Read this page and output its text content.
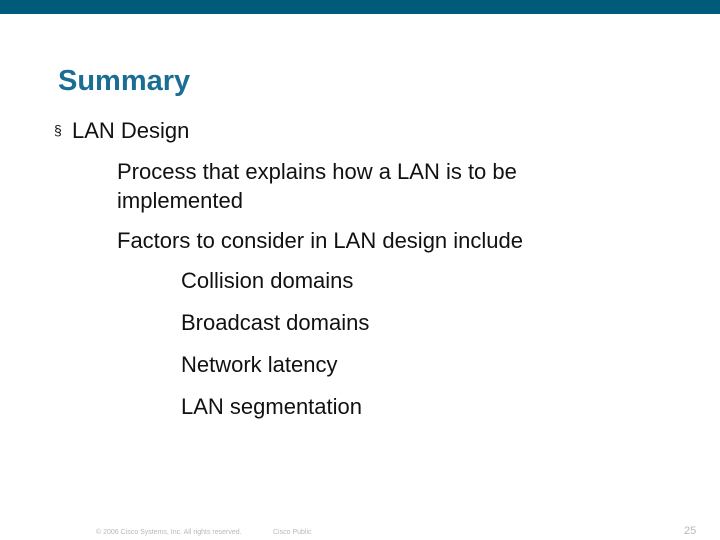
Summary
§ LAN Design
Process that explains how a LAN is to be implemented
Factors to consider in LAN design include
Collision domains
Broadcast domains
Network latency
LAN segmentation
© 2006 Cisco Systems, Inc. All rights reserved.	Cisco Public	25
